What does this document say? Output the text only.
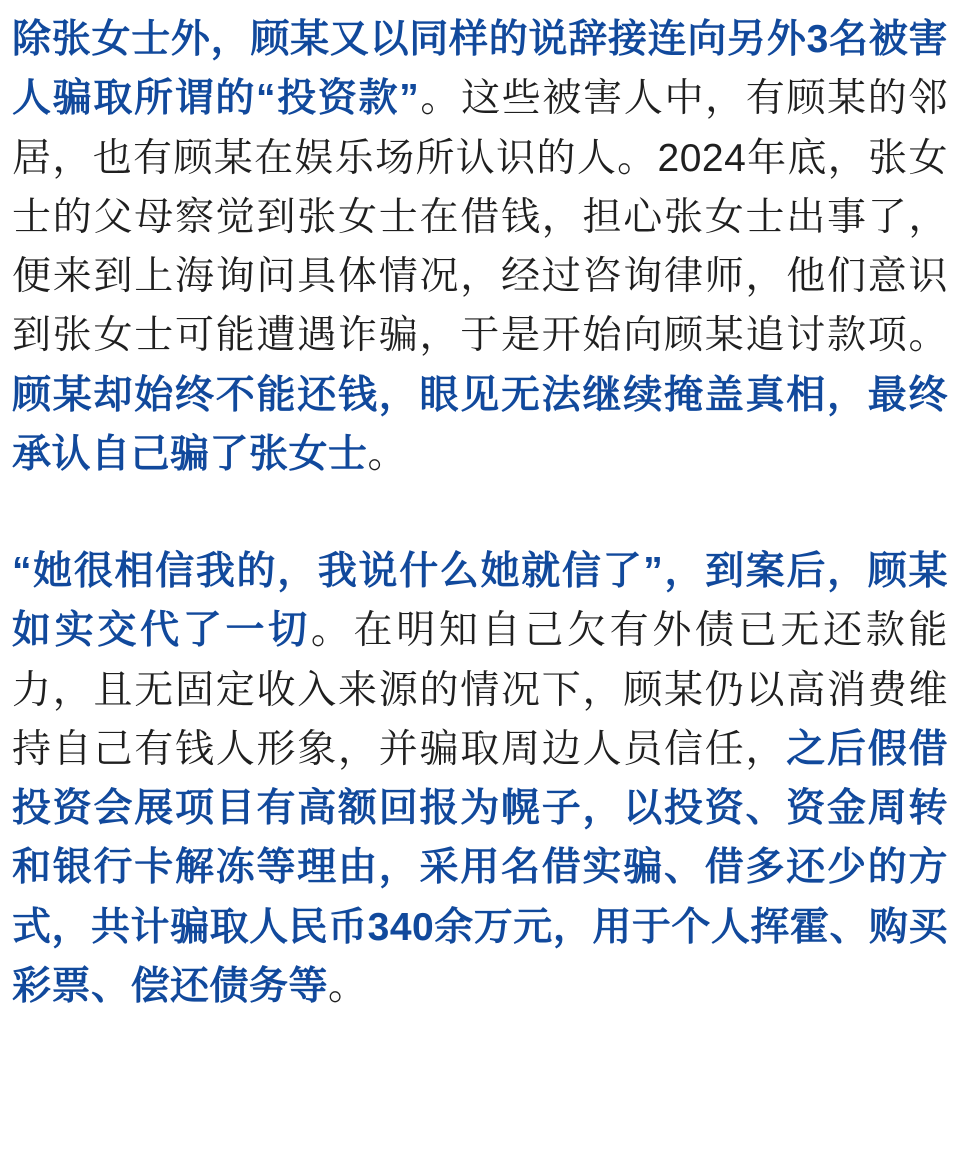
除张女士外，顾某又以同样的说辞接连向另外3名被害人骗取所谓的“投资款”。这些被害人中，有顾某的邻居，也有顾某在娱乐场所认识的人。2024年底，张女士的父母察觉到张女士在借钱，担心张女士出事了，便来到上海询问具体情况，经过咨询律师，他们意识到张女士可能遭遇诈骗，于是开始向顾某追讨款项。顾某却始终不能还钱，眼见无法继续掩盖真相，最终承认自己骗了张女士。

“她很相信我的，我说什么她就信了”，到案后，顾某如实交代了一切。在明知自己欠有外债已无还款能力，且无固定收入来源的情况下，顾某仍以高消费维持自己有钱人形象，并骗取周边人员信任，之后假借投资会展项目有高额回报为幌子，以投资、资金周转和银行卡解冻等理由，采用名借实骗、借多还少的方式，共计骗取人民币340余万元，用于个人挥霍、购买彩票、偿还债务等。
